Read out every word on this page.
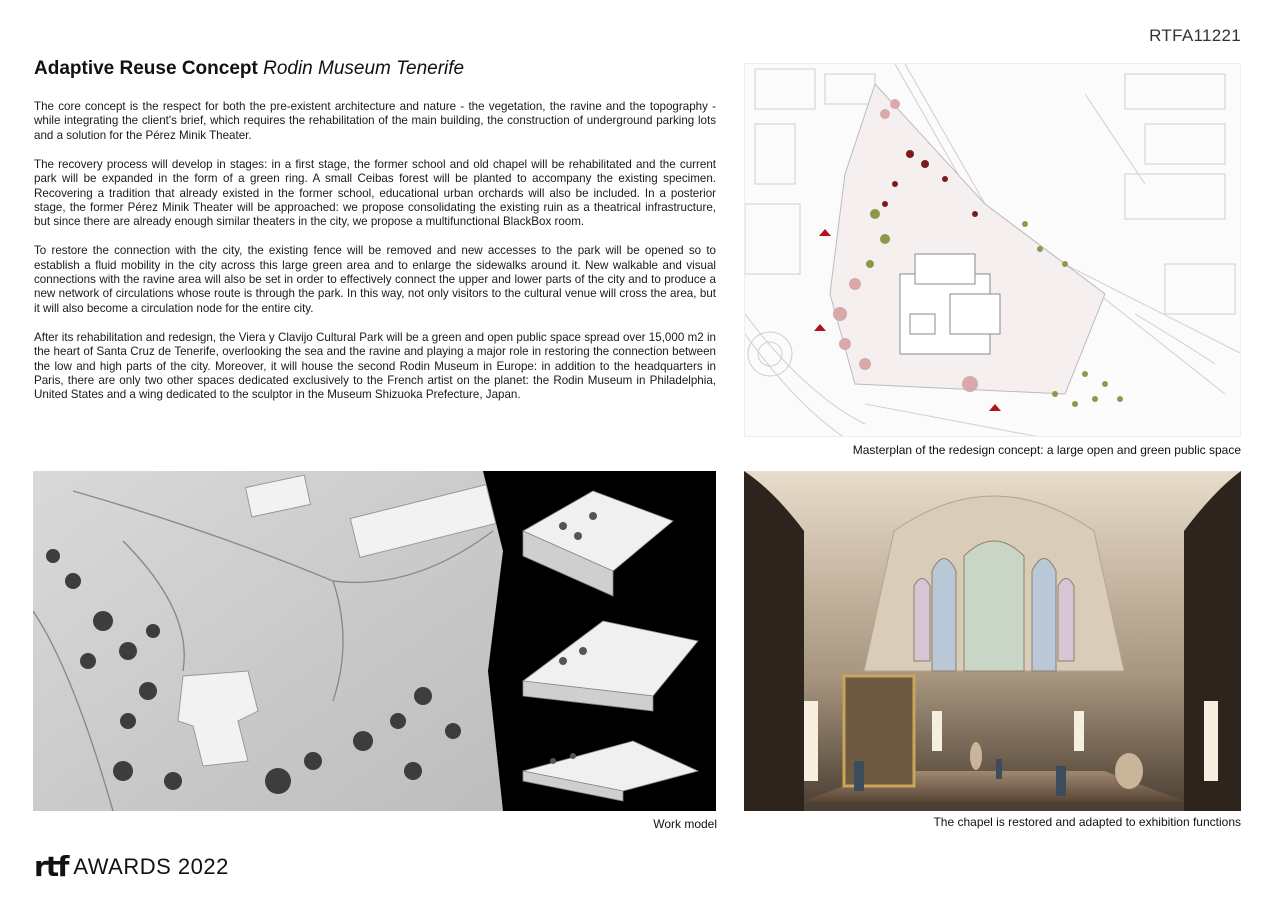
RTFA11221
Adaptive Reuse Concept Rodin Museum Tenerife

The core concept is the respect for both the pre-existent architecture and nature - the vegetation, the ravine and the topography - while integrating the client's brief, which requires the rehabilitation of the main building, the construction of underground parking lots and a solution for the Pérez Minik Theater.

The recovery process will develop in stages: in a first stage, the former school and old chapel will be rehabilitated and the current park will be expanded in the form of a green ring. A small Ceibas forest will be planted to accompany the existing specimen. Recovering a tradition that already existed in the former school, educational urban orchards will also be included. In a posterior stage, the former Pérez Minik Theater will be approached: we propose consolidating the existing ruin as a theatrical infrastructure, but since there are already enough similar theaters in the city, we propose a multifunctional BlackBox room.

To restore the connection with the city, the existing fence will be removed and new accesses to the park will be opened so to establish a fluid mobility in the city across this large green area and to enlarge the sidewalks around it. New walkable and visual connections with the ravine area will also be set in order to effectively connect the upper and lower parts of the city and to produce a new network of circulations whose route is through the park. In this way, not only visitors to the cultural venue will cross the area, but it will also become a circulation node for the entire city.

After its rehabilitation and redesign, the Viera y Clavijo Cultural Park will be a green and open public space spread over 15,000 m2 in the heart of Santa Cruz de Tenerife, overlooking the sea and the ravine and playing a major role in restoring the connection between the low and high parts of the city. Moreover, it will house the second Rodin Museum in Europe: in addition to the headquarters in Paris, there are only two other spaces dedicated exclusively to the French artist on the planet: the Rodin Museum in Philadelphia, United States and a wing dedicated to the sculptor in the Museum Shizuoka Prefecture, Japan.

Masterplan of the redesign concept: a large open and green public space
Work model	The chapel is restored and adapted to exhibition functions
rtf AWARDS 2022
